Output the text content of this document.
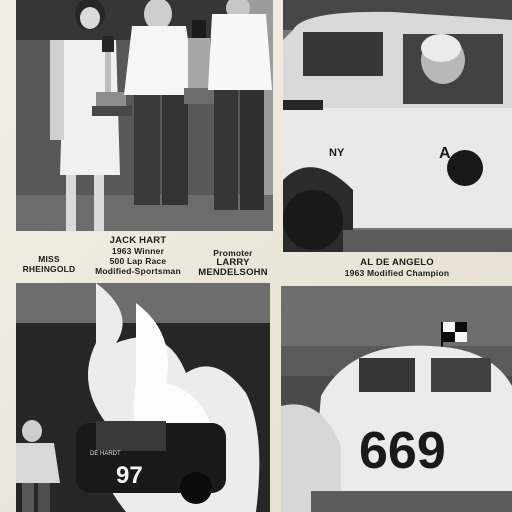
NY	A
97
DE HARDT	669
MISS
RHEINGOLD
JACK HART
1963 Winner
500 Lap Race
Modified-Sportsman
Promoter
LARRY
MENDELSOHN
AL DE ANGELO
1963 Modified Champion
